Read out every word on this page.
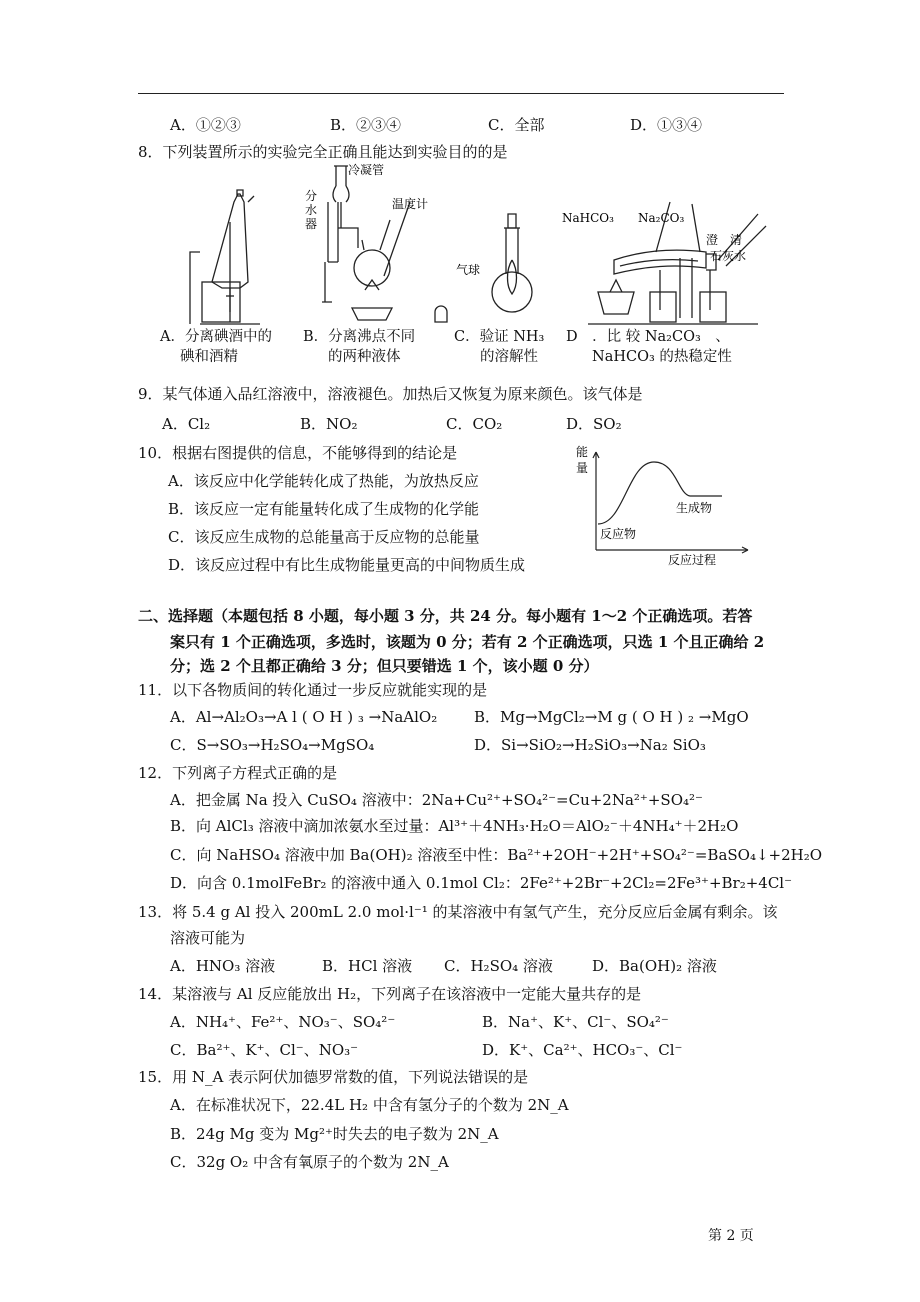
A．①②③	B．②③④	C．全部	D．①③④
8．下列装置所示的实验完全正确且能达到实验目的的是
冷凝管
分
水
器
温度计
气球
NaHCO₃ Na₂CO₃
澄　清
石灰水
A．分离碘酒中的
碘和酒精
B．分离沸点不同
的两种液体
C．验证 NH₃
的溶解性
D　．比 较 Na₂CO₃　、
NaHCO₃ 的热稳定性
9．某气体通入品红溶液中，溶液褪色。加热后又恢复为原来颜色。该气体是
A．Cl₂	B．NO₂	C．CO₂	D．SO₂
10．根据右图提供的信息，不能够得到的结论是
A．该反应中化学能转化成了热能，为放热反应
B．该反应一定有能量转化成了生成物的化学能
C．该反应生成物的总能量高于反应物的总能量
D．该反应过程中有比生成物能量更高的中间物质生成
能
量
生成物
反应物
反应过程
二、选择题（本题包括 8 小题，每小题 3 分，共 24 分。每小题有 1～2 个正确选项。若答
案只有 1 个正确选项，多选时，该题为 0 分；若有 2 个正确选项，只选 1 个且正确给 2
分；选 2 个且都正确给 3 分；但只要错选 1 个，该小题 0 分）
11．以下各物质间的转化通过一步反应就能实现的是
A．Al→Al₂O₃→A l ( O H ) ₃ →NaAlO₂ B．Mg→MgCl₂→M g ( O H ) ₂ →MgO
C．S→SO₃→H₂SO₄→MgSO₄	D．Si→SiO₂→H₂SiO₃→Na₂ SiO₃
12．下列离子方程式正确的是
A．把金属 Na 投入 CuSO₄ 溶液中：2Na+Cu²⁺+SO₄²⁻=Cu+2Na²⁺+SO₄²⁻
B．向 AlCl₃ 溶液中滴加浓氨水至过量：Al³⁺＋4NH₃·H₂O＝AlO₂⁻＋4NH₄⁺＋2H₂O
C．向 NaHSO₄ 溶液中加 Ba(OH)₂ 溶液至中性：Ba²⁺+2OH⁻+2H⁺+SO₄²⁻=BaSO₄↓+2H₂O
D．向含 0.1molFeBr₂ 的溶液中通入 0.1mol Cl₂：2Fe²⁺+2Br⁻+2Cl₂=2Fe³⁺+Br₂+4Cl⁻
13．将 5.4 g Al 投入 200mL 2.0 mol·l⁻¹ 的某溶液中有氢气产生，充分反应后金属有剩余。该
溶液可能为
A．HNO₃ 溶液	B．HCl 溶液 C．H₂SO₄ 溶液	D．Ba(OH)₂ 溶液
14．某溶液与 Al 反应能放出 H₂，下列离子在该溶液中一定能大量共存的是
A．NH₄⁺、Fe²⁺、NO₃⁻、SO₄²⁻	B．Na⁺、K⁺、Cl⁻、SO₄²⁻
C．Ba²⁺、K⁺、Cl⁻、NO₃⁻	D．K⁺、Ca²⁺、HCO₃⁻、Cl⁻
15．用 N_A 表示阿伏加德罗常数的值，下列说法错误的是
A．在标准状况下，22.4L H₂ 中含有氢分子的个数为 2N_A
B．24g Mg 变为 Mg²⁺时失去的电子数为 2N_A
C．32g O₂ 中含有氧原子的个数为 2N_A
第 2 页
